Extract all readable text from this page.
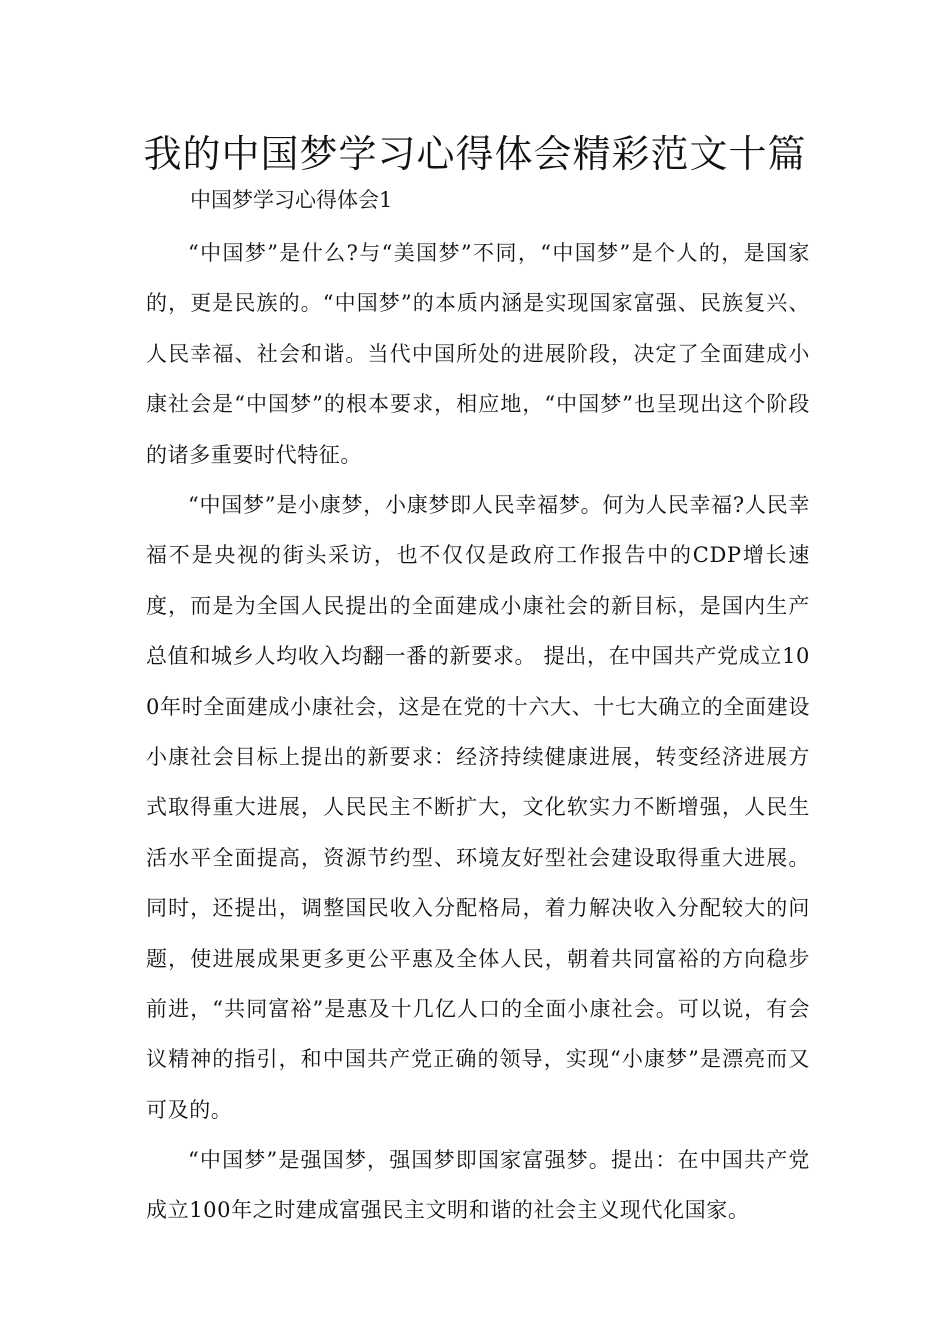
我的中国梦学习心得体会精彩范文十篇

中国梦学习心得体会1

“中国梦”是什么?与“美国梦”不同，“中国梦”是个人的，是国家的，更是民族的。“中国梦”的本质内涵是实现国家富强、民族复兴、人民幸福、社会和谐。当代中国所处的进展阶段，决定了全面建成小康社会是“中国梦”的根本要求，相应地，“中国梦”也呈现出这个阶段的诸多重要时代特征。

“中国梦”是小康梦，小康梦即人民幸福梦。何为人民幸福?人民幸福不是央视的街头采访，也不仅仅是政府工作报告中的CDP增长速度，而是为全国人民提出的全面建成小康社会的新目标，是国内生产总值和城乡人均收入均翻一番的新要求。 提出，在中国共产党成立100年时全面建成小康社会，这是在党的十六大、十七大确立的全面建设小康社会目标上提出的新要求：经济持续健康进展，转变经济进展方式取得重大进展，人民民主不断扩大，文化软实力不断增强，人民生活水平全面提高，资源节约型、环境友好型社会建设取得重大进展。同时，还提出，调整国民收入分配格局，着力解决收入分配较大的问题，使进展成果更多更公平惠及全体人民，朝着共同富裕的方向稳步前进，“共同富裕”是惠及十几亿人口的全面小康社会。可以说，有会议精神的指引，和中国共产党正确的领导，实现“小康梦”是漂亮而又可及的。

“中国梦”是强国梦，强国梦即国家富强梦。提出：在中国共产党成立100年之时建成富强民主文明和谐的社会主义现代化国家。
